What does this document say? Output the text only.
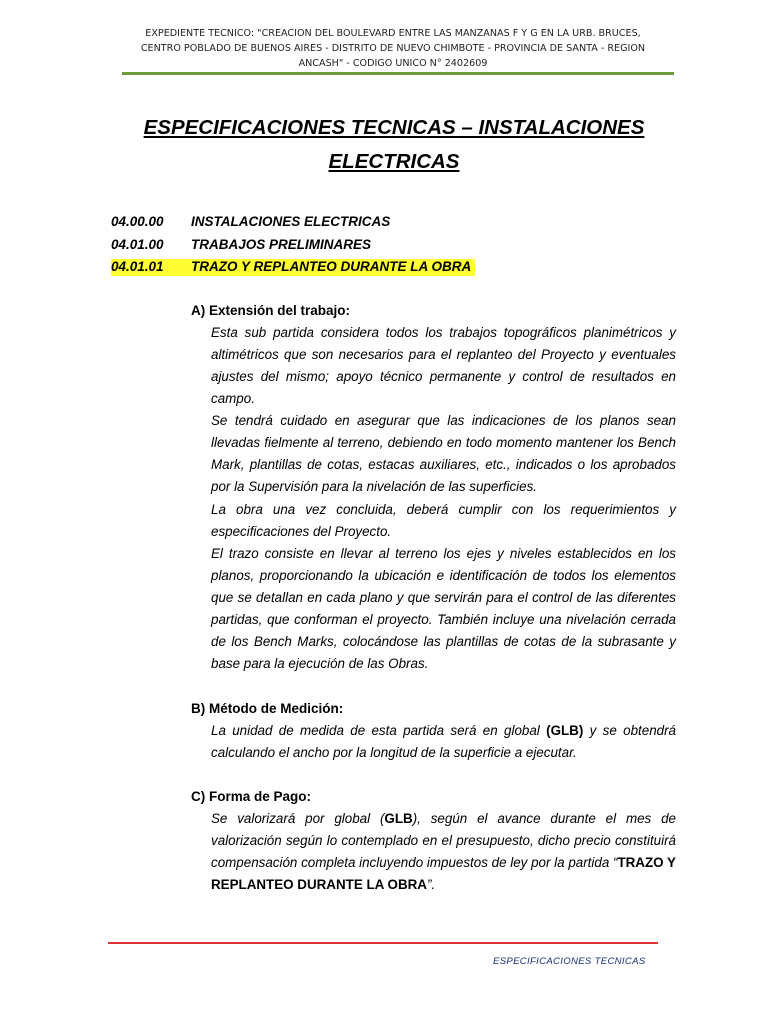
EXPEDIENTE TECNICO: "CREACION DEL BOULEVARD ENTRE LAS MANZANAS F Y G EN LA URB. BRUCES,
CENTRO POBLADO DE BUENOS AIRES - DISTRITO DE NUEVO CHIMBOTE - PROVINCIA DE SANTA - REGION
ANCASH" - CODIGO UNICO N° 2402609
ESPECIFICACIONES TECNICAS – INSTALACIONES
ELECTRICAS
04.00.00 INSTALACIONES ELECTRICAS
04.01.00 TRABAJOS PRELIMINARES
04.01.01 TRAZO Y REPLANTEO DURANTE LA OBRA
A) Extensión del trabajo:
Esta sub partida considera todos los trabajos topográficos planimétricos y altimétricos que son necesarios para el replanteo del Proyecto y eventuales ajustes del mismo; apoyo técnico permanente y control de resultados en campo.
Se tendrá cuidado en asegurar que las indicaciones de los planos sean llevadas fielmente al terreno, debiendo en todo momento mantener los Bench Mark, plantillas de cotas, estacas auxiliares, etc., indicados o los aprobados por la Supervisión para la nivelación de las superficies.
La obra una vez concluida, deberá cumplir con los requerimientos y especificaciones del Proyecto.
El trazo consiste en llevar al terreno los ejes y niveles establecidos en los planos, proporcionando la ubicación e identificación de todos los elementos que se detallan en cada plano y que servirán para el control de las diferentes partidas, que conforman el proyecto. También incluye una nivelación cerrada de los Bench Marks, colocándose las plantillas de cotas de la subrasante y base para la ejecución de las Obras.
B) Método de Medición:
La unidad de medida de esta partida será en global (GLB) y se obtendrá calculando el ancho por la longitud de la superficie a ejecutar.
C) Forma de Pago:
Se valorizará por global (GLB), según el avance durante el mes de valorización según lo contemplado en el presupuesto, dicho precio constituirá compensación completa incluyendo impuestos de ley por la partida “TRAZO Y REPLANTEO DURANTE LA OBRA”.
ESPECIFICACIONES TECNICAS
